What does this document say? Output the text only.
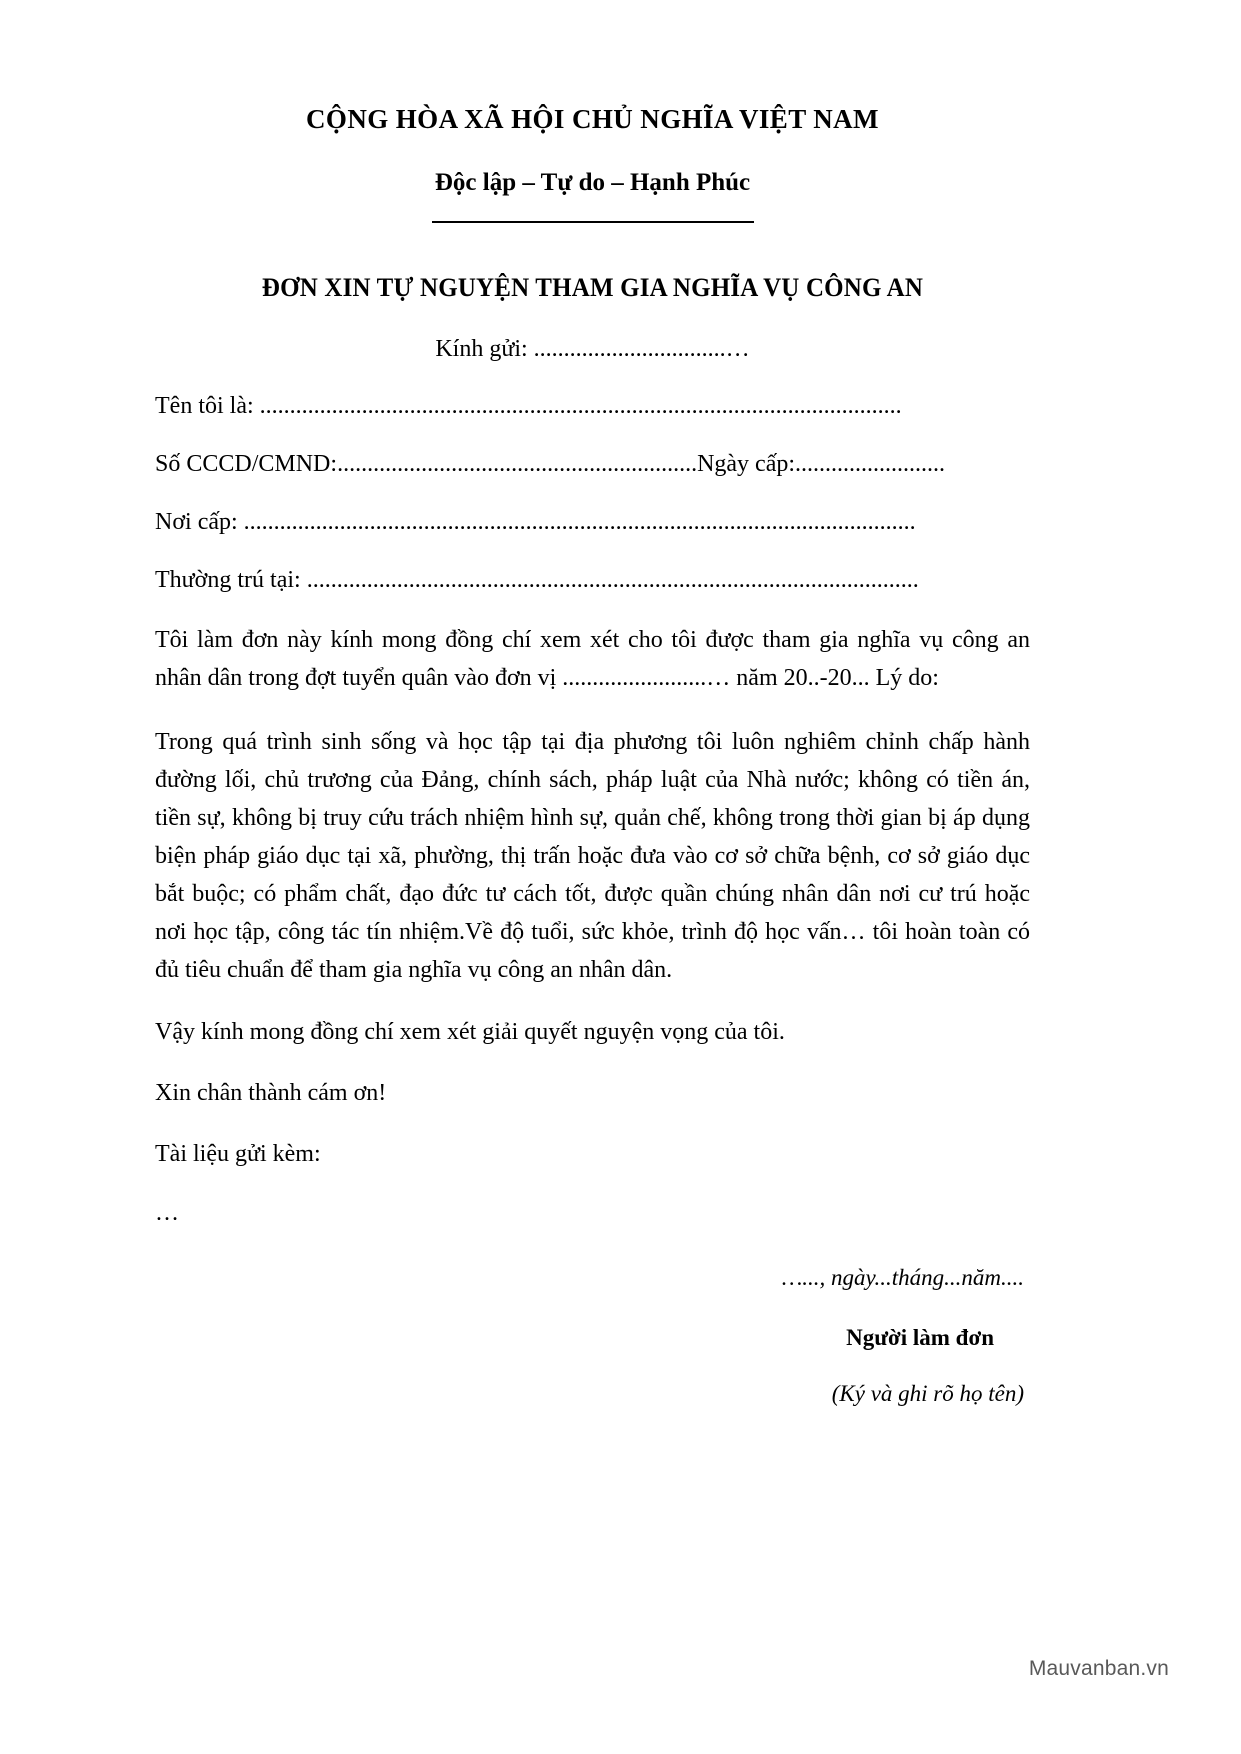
CỘNG HÒA XÃ HỘI CHỦ NGHĨA VIỆT NAM
Độc lập – Tự do – Hạnh Phúc
ĐƠN XIN TỰ NGUYỆN THAM GIA NGHĨA VỤ CÔNG AN
Kính gửi: ................................…
Tên tôi là: ...........................................................................................................
Số CCCD/CMND:............................................................Ngày cấp:.........................
Nơi cấp: ................................................................................................................
Thường trú tại: ......................................................................................................
Tôi làm đơn này kính mong đồng chí xem xét cho tôi được tham gia nghĩa vụ công an nhân dân trong đợt tuyển quân vào đơn vị ........................… năm 20..-20... Lý do:
Trong quá trình sinh sống và học tập tại địa phương tôi luôn nghiêm chỉnh chấp hành đường lối, chủ trương của Đảng, chính sách, pháp luật của Nhà nước; không có tiền án, tiền sự, không bị truy cứu trách nhiệm hình sự, quản chế, không trong thời gian bị áp dụng biện pháp giáo dục tại xã, phường, thị trấn hoặc đưa vào cơ sở chữa bệnh, cơ sở giáo dục bắt buộc; có phẩm chất, đạo đức tư cách tốt, được quần chúng nhân dân nơi cư trú hoặc nơi học tập, công tác tín nhiệm.Về độ tuổi, sức khỏe, trình độ học vấn… tôi hoàn toàn có đủ tiêu chuẩn để tham gia nghĩa vụ công an nhân dân.
Vậy kính mong đồng chí xem xét giải quyết nguyện vọng của tôi.
Xin chân thành cám ơn!
Tài liệu gửi kèm:
…
…..., ngày...tháng...năm....
Người làm đơn
(Ký và ghi rõ họ tên)
Mauvanban.vn
